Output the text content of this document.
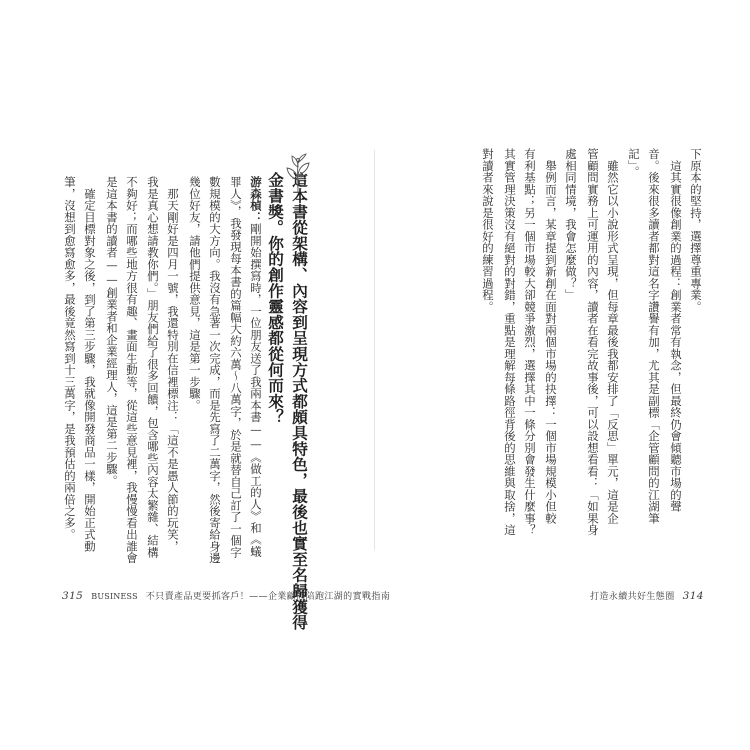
筆，沒想到愈寫愈多，最後竟然寫到十三萬字，是我預估的兩倍之多。 　確定目標對象之後，到了第三步驟，我就像開發商品一樣，開始正式動 是這本書的讀者——創業者和企業經理人，這是第二步驟。 不夠好；而哪些地方很有趣、畫面生動等，從這些意見裡，我慢慢看出誰會 我是真心想請教你們。」朋友們給了很多回饋，包含哪些內容太繁雜、結構 　那天剛好是四月一號，我還特別在信裡標注：「這不是愚人節的玩笑， 幾位好友，請他們提供意見，這是第一步驟。 數規模的大方向。我沒有急著一次完成，而是先寫了二萬字，然後寄給身邊 罪人》，我發現每本書的篇幅大約六萬～八萬字，於是就替自己訂了一個字 游森楨：剛開始撰寫時，一位朋友送了我兩本書——《做工的人》和《蟻 金書獎。你的創作靈感都從何而來？ 這本書從架構、內容到呈現方式都頗具特色，最後也實至名歸獲得
315 BUSINESS 不只賣產品更要抓客戶！——企業顧問陪跑江湖的實戰指南
對讀者來說是很好的練習過程。 其實管理決策沒有絕對的對錯，重點是理解每條路徑背後的思維與取捨，這 有利基點；另一個市場較大卻競爭激烈，選擇其中一條分別會發生什麼事？ 　舉例而言，某章提到新創在面對兩個市場的抉擇：一個市場規模小但較 處相同情境，我會怎麼做？」 管顧問實務上可運用的內容，讀者在看完故事後，可以設想看看：「如果身 　雖然它以小說形式呈現，但每章最後我都安排了「反思」單元，這是企 記」。 音。後來很多讀者都對這名字讚譽有加，尤其是副標「企管顧問的江湖筆 　這其實很像創業的過程：創業者常有執念，但最終仍會傾聽市場的聲 下原本的堅持，選擇尊重專業。
打造永續共好生態圈 314
